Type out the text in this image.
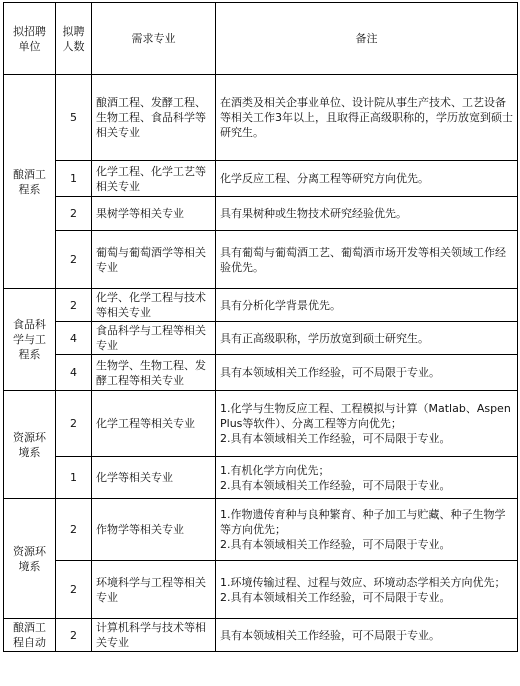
拟招聘单位	拟聘人数	需求专业	备注
酿酒工程系	5	酿酒工程、发酵工程、生物工程、食品科学等相关专业	在酒类及相关企事业单位、设计院从事生产技术、工艺设备等相关工作3年以上，且取得正高级职称的，学历放宽到硕士研究生。

	1	化学工程、化学工艺等相关专业	化学反应工程、分离工程等研究方向优先。

	2	果树学等相关专业	具有果树种或生物技术研究经验优先。

	2	葡萄与葡萄酒学等相关专业	具有葡萄与葡萄酒工艺、葡萄酒市场开发等相关领域工作经验优先。

食品科学与工程系	2	化学、化学工程与技术等相关专业	具有分析化学背景优先。

	4	食品科学与工程等相关专业	具有正高级职称，学历放宽到硕士研究生。

	4	生物学、生物工程、发酵工程等相关专业	具有本领域相关工作经验，可不局限于专业。

资源环境系	2	化学工程等相关专业	1.化学与生物反应工程、工程模拟与计算（Matlab、Aspen Plus等软件）、分离工程等方向优先；
2.具有本领域相关工作经验，可不局限于专业。

	1	化学等相关专业	1.有机化学方向优先；
2.具有本领域相关工作经验，可不局限于专业。

资源环境系	2	作物学等相关专业	1.作物遗传育种与良种繁育、种子加工与贮藏、种子生物学等方向优先；
2.具有本领域相关工作经验，可不局限于专业。

	2	环境科学与工程等相关专业	1.环境传输过程、过程与效应、环境动态学相关方向优先；
2.具有本领域相关工作经验，可不局限于专业。

酿酒工程自动	2	计算机科学与技术等相关专业	具有本领域相关工作经验，可不局限于专业。
